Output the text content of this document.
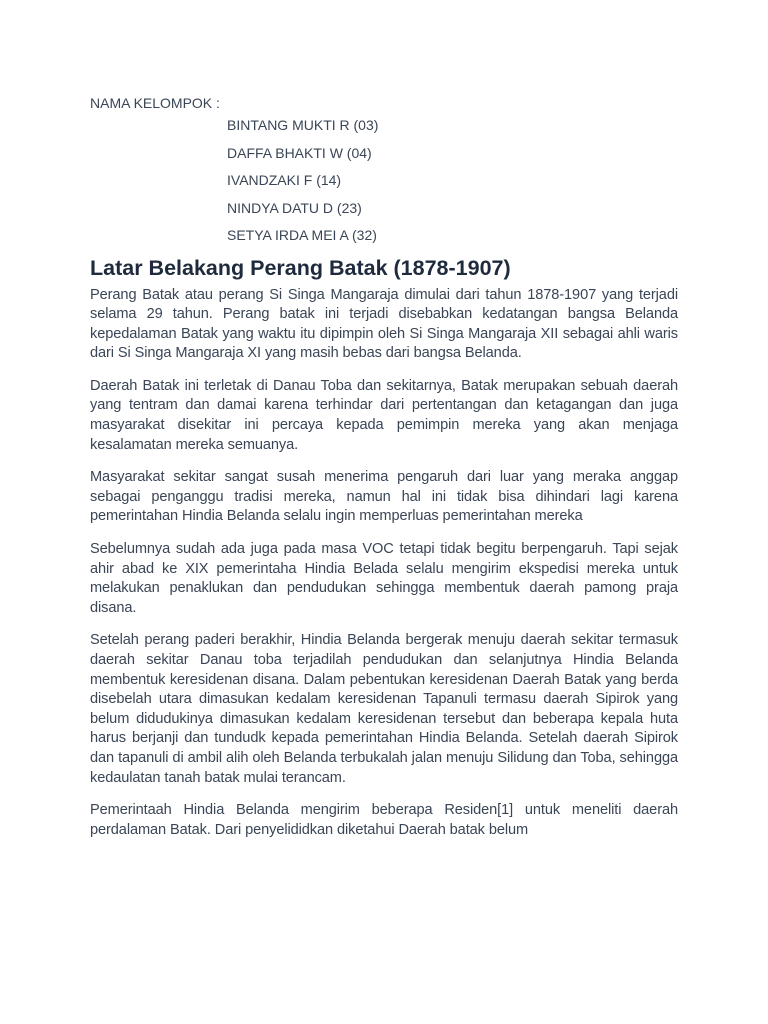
NAMA KELOMPOK :

BINTANG MUKTI R (03)
DAFFA BHAKTI W (04)
IVANDZAKI F (14)
NINDYA DATU D (23)
SETYA IRDA MEI A (32)
Latar Belakang Perang Batak (1878-1907)

Perang Batak atau perang Si Singa Mangaraja dimulai dari tahun 1878-1907 yang terjadi selama 29 tahun. Perang batak ini terjadi disebabkan kedatangan bangsa Belanda kepedalaman Batak yang waktu itu dipimpin oleh Si Singa Mangaraja XII sebagai ahli waris dari Si Singa Mangaraja XI yang masih bebas dari bangsa Belanda.

Daerah Batak ini terletak di Danau Toba dan sekitarnya, Batak merupakan sebuah daerah yang tentram dan damai karena terhindar dari pertentangan dan ketagangan dan juga masyarakat disekitar ini percaya kepada pemimpin mereka yang akan menjaga kesalamatan mereka semuanya.

Masyarakat sekitar sangat susah menerima pengaruh dari luar yang meraka anggap sebagai penganggu tradisi mereka, namun hal ini tidak bisa dihindari lagi karena pemerintahan Hindia Belanda selalu ingin memperluas pemerintahan mereka

Sebelumnya sudah ada juga pada masa VOC tetapi tidak begitu berpengaruh. Tapi sejak ahir abad ke XIX pemerintaha Hindia Belada selalu mengirim ekspedisi mereka untuk melakukan penaklukan dan pendudukan sehingga membentuk daerah pamong praja disana.

Setelah perang paderi berakhir, Hindia Belanda bergerak menuju daerah sekitar termasuk daerah sekitar Danau toba terjadilah pendudukan dan selanjutnya Hindia Belanda membentuk keresidenan disana. Dalam pebentukan keresidenan Daerah Batak yang berda disebelah utara dimasukan kedalam keresidenan Tapanuli termasu daerah Sipirok yang belum didudukinya dimasukan kedalam keresidenan tersebut dan beberapa kepala huta harus berjanji dan tundudk kepada pemerintahan Hindia Belanda. Setelah daerah Sipirok dan tapanuli di ambil alih oleh Belanda terbukalah jalan menuju Silidung dan Toba, sehingga kedaulatan tanah batak mulai terancam.

Pemerintaah Hindia Belanda mengirim beberapa Residen[1] untuk meneliti daerah perdalaman Batak. Dari penyelididkan diketahui Daerah batak belum
